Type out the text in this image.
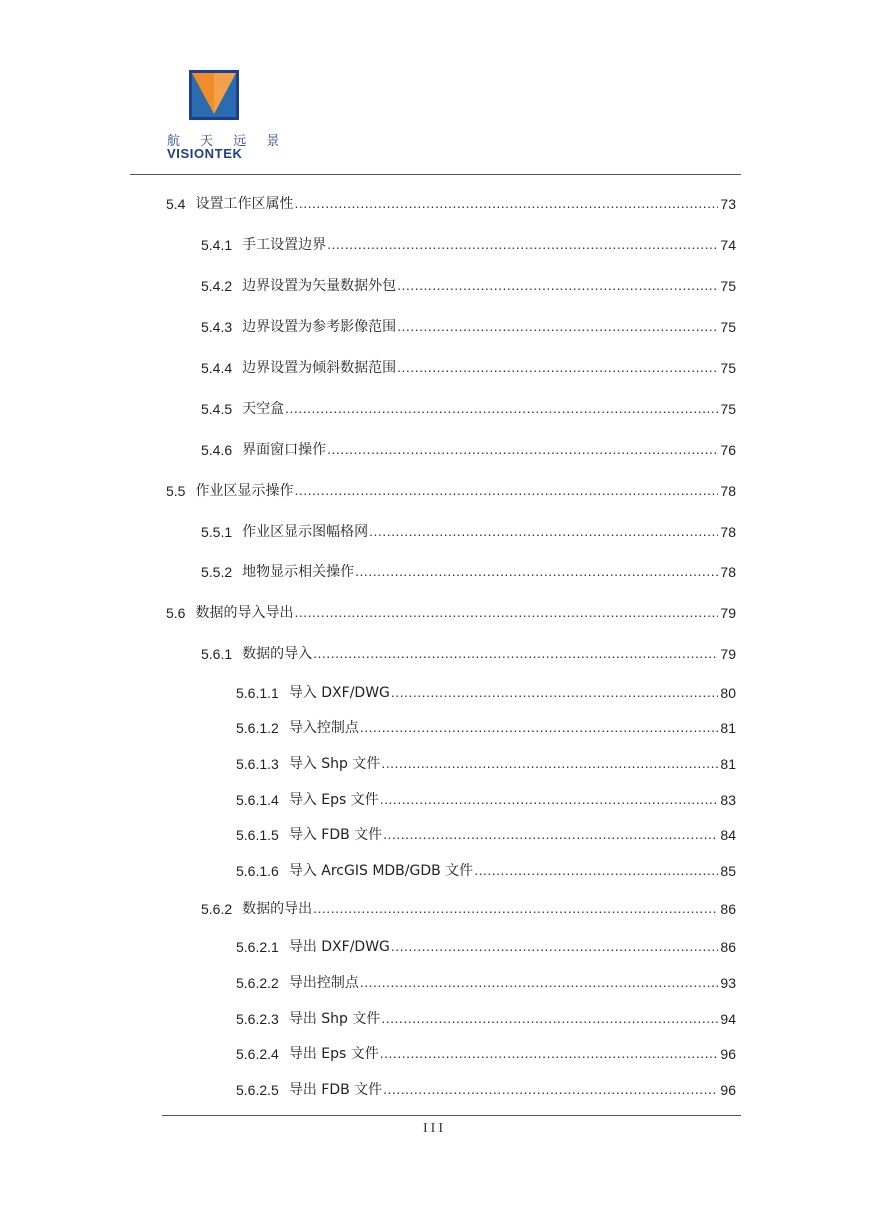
航 天 远 景
VISIONTEK
5.4 设置工作区属性 .....	73
5.4.1 手工设置边界 .....	74
5.4.2 边界设置为矢量数据外包 .....	75
5.4.3 边界设置为参考影像范围 .....	75
5.4.4 边界设置为倾斜数据范围 .....	75
5.4.5 天空盒 .....	75
5.4.6 界面窗口操作 .....	76
5.5 作业区显示操作 .....	78
5.5.1 作业区显示图幅格网 .....	78
5.5.2 地物显示相关操作 .....	78
5.6 数据的导入导出 .....	79
5.6.1 数据的导入 .....	79
5.6.1.1 导入 DXF/DWG .....	80
5.6.1.2 导入控制点 .....	81
5.6.1.3 导入 Shp 文件 .....	81
5.6.1.4 导入 Eps 文件 .....	83
5.6.1.5 导入 FDB 文件 .....	84
5.6.1.6 导入 ArcGIS MDB/GDB 文件 .....	85
5.6.2 数据的导出 .....	86
5.6.2.1 导出 DXF/DWG .....	86
5.6.2.2 导出控制点 .....	93
5.6.2.3 导出 Shp 文件 .....	94
5.6.2.4 导出 Eps 文件 .....	96
5.6.2.5 导出 FDB 文件 .....	96
III
